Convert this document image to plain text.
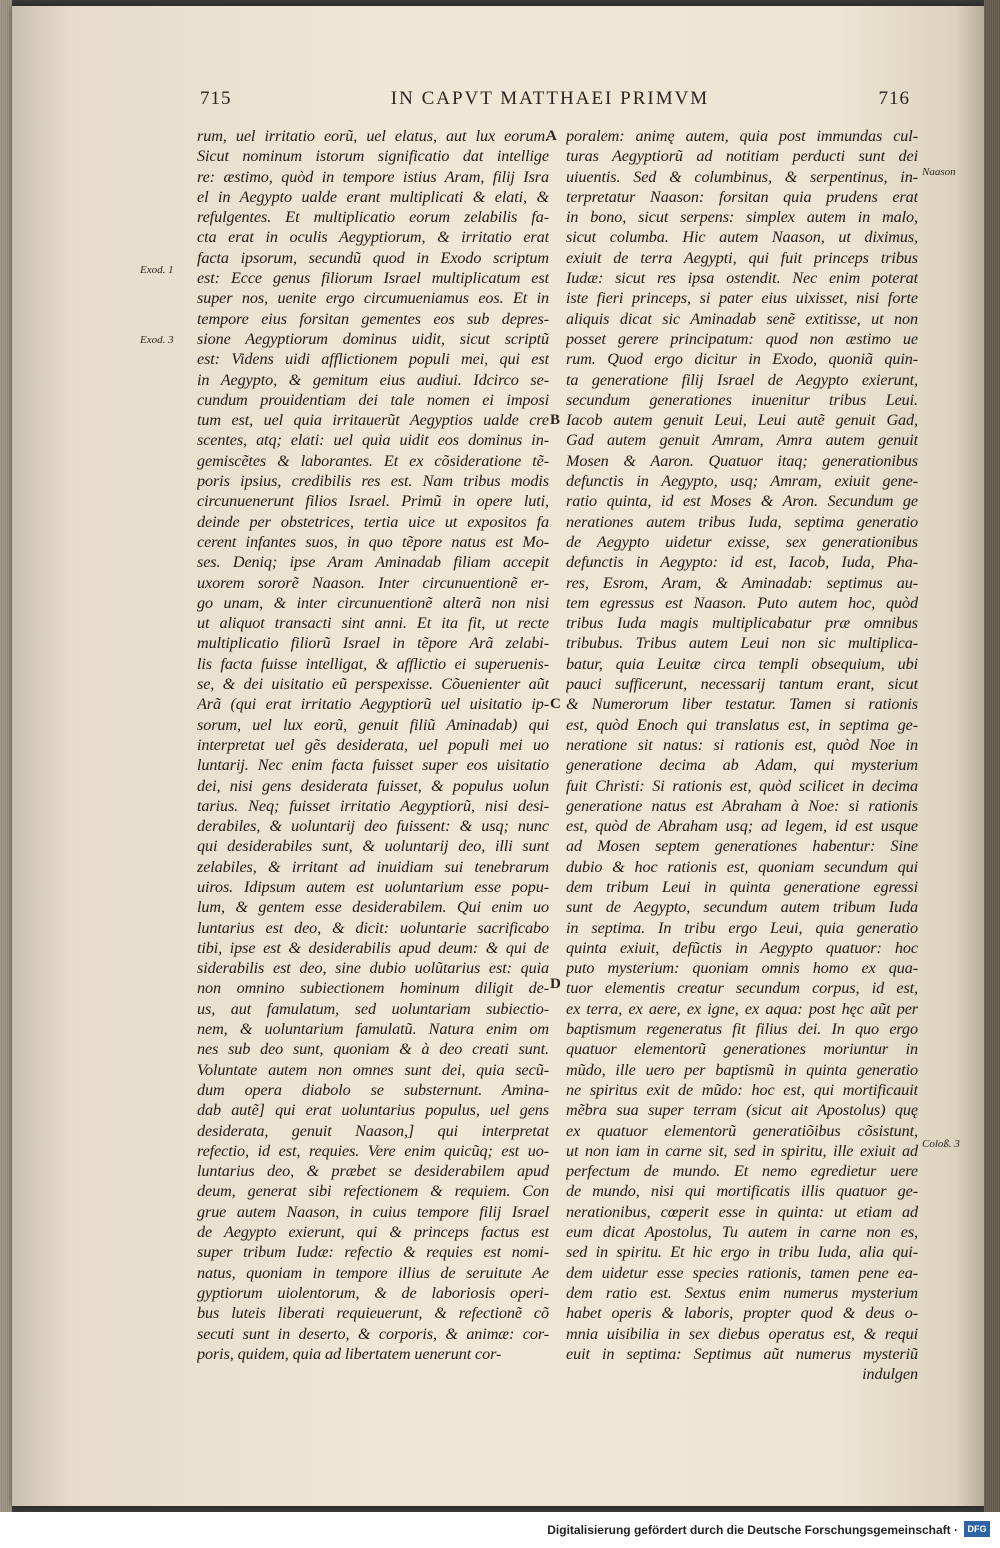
IN CAPVT MATTHAEI PRIMVM
715	716
Exod. 1
Exod. 3
Naason
Coloß. 3
A
B
C
D
rum, uel irritatio eorũ, uel elatus, aut lux eorum.
Sicut nominum istorum significatio dat intellige
re: æstimo, quòd in tempore istius Aram, filij Isra
el in Aegypto ualde erant multiplicati & elati, &
refulgentes. Et multiplicatio eorum zelabilis fa-
cta erat in oculis Aegyptiorum, & irritatio erat
facta ipsorum, secundũ quod in Exodo scriptum
est: Ecce genus filiorum Israel multiplicatum est
super nos, uenite ergo circumueniamus eos. Et in
tempore eius forsitan gementes eos sub depres-
sione Aegyptiorum dominus uidit, sicut scriptũ
est: Videns uidi afflictionem populi mei, qui est
in Aegypto, & gemitum eius audiui. Idcirco se-
cundum prouidentiam dei tale nomen ei imposi
tum est, uel quia irritauerũt Aegyptios ualde cre
scentes, atq; elati: uel quia uidit eos dominus in-
gemiscẽtes & laborantes. Et ex cõsideratione tẽ-
poris ipsius, credibilis res est. Nam tribus modis
circunuenerunt filios Israel. Primũ in opere luti,
deinde per obstetrices, tertia uice ut expositos fa
cerent infantes suos, in quo tẽpore natus est Mo-
ses. Deniq; ipse Aram Aminadab filiam accepit
uxorem sororẽ Naason. Inter circunuentionẽ er-
go unam, & inter circunuentionẽ alterã non nisi
ut aliquot transacti sint anni. Et ita fit, ut recte
multiplicatio filiorũ Israel in tẽpore Arã zelabi-
lis facta fuisse intelligat, & afflictio ei superuenis-
se, & dei uisitatio eũ perspexisse. Cõuenienter aũt
Arã (qui erat irritatio Aegyptiorũ uel uisitatio ip-
sorum, uel lux eorũ, genuit filiũ Aminadab) qui
interpretat uel gẽs desiderata, uel populi mei uo
luntarij. Nec enim facta fuisset super eos uisitatio
dei, nisi gens desiderata fuisset, & populus uolun
tarius. Neq; fuisset irritatio Aegyptiorũ, nisi desi-
derabiles, & uoluntarij deo fuissent: & usq; nunc
qui desiderabiles sunt, & uoluntarij deo, illi sunt
zelabiles, & irritant ad inuidiam sui tenebrarum
uiros. Idipsum autem est uoluntarium esse popu-
lum, & gentem esse desiderabilem. Qui enim uo
luntarius est deo, & dicit: uoluntarie sacrificabo
tibi, ipse est & desiderabilis apud deum: & qui de
siderabilis est deo, sine dubio uolũtarius est: quia
non omnino subiectionem hominum diligit de-
us, aut famulatum, sed uoluntariam subiectio-
nem, & uoluntarium famulatũ. Natura enim om
nes sub deo sunt, quoniam & à deo creati sunt.
Voluntate autem non omnes sunt dei, quia secũ-
dum opera diabolo se substernunt. Amina-
dab autẽ] qui erat uoluntarius populus, uel gens
desiderata, genuit Naason,] qui interpretat
refectio, id est, requies. Vere enim quicũq; est uo-
luntarius deo, & præbet se desiderabilem apud
deum, generat sibi refectionem & requiem. Con
grue autem Naason, in cuius tempore filij Israel
de Aegypto exierunt, qui & princeps factus est
super tribum Iudæ: refectio & requies est nomi-
natus, quoniam in tempore illius de seruitute Ae
gyptiorum uiolentorum, & de laboriosis operi-
bus luteis liberati requieuerunt, & refectionẽ cõ
secuti sunt in deserto, & corporis, & animæ: cor-
poris, quidem, quia ad libertatem uenerunt cor-
poralem: animę autem, quia post immundas cul-
turas Aegyptiorũ ad notitiam perducti sunt dei
uiuentis. Sed & columbinus, & serpentinus, in-
terpretatur Naason: forsitan quia prudens erat
in bono, sicut serpens: simplex autem in malo,
sicut columba. Hic autem Naason, ut diximus,
exiuit de terra Aegypti, qui fuit princeps tribus
Iudæ: sicut res ipsa ostendit. Nec enim poterat
iste fieri princeps, si pater eius uixisset, nisi forte
aliquis dicat sic Aminadab senẽ extitisse, ut non
posset gerere principatum: quod non æstimo ue
rum. Quod ergo dicitur in Exodo, quoniã quin-
ta generatione filij Israel de Aegypto exierunt,
secundum generationes inuenitur tribus Leui.
Iacob autem genuit Leui, Leui autẽ genuit Gad,
Gad autem genuit Amram, Amra autem genuit
Mosen & Aaron. Quatuor itaq; generationibus
defunctis in Aegypto, usq; Amram, exiuit gene-
ratio quinta, id est Moses & Aron. Secundum ge
nerationes autem tribus Iuda, septima generatio
de Aegypto uidetur exisse, sex generationibus
defunctis in Aegypto: id est, Iacob, Iuda, Pha-
res, Esrom, Aram, & Aminadab: septimus au-
tem egressus est Naason. Puto autem hoc, quòd
tribus Iuda magis multiplicabatur præ omnibus
tribubus. Tribus autem Leui non sic multiplica-
batur, quia Leuitæ circa templi obsequium, ubi
pauci sufficerunt, necessarij tantum erant, sicut
& Numerorum liber testatur. Tamen si rationis
est, quòd Enoch qui translatus est, in septima ge-
neratione sit natus: si rationis est, quòd Noe in
generatione decima ab Adam, qui mysterium
fuit Christi: Si rationis est, quòd scilicet in decima
generatione natus est Abraham à Noe: si rationis
est, quòd de Abraham usq; ad legem, id est usque
ad Mosen septem generationes habentur: Sine
dubio & hoc rationis est, quoniam secundum qui
dem tribum Leui in quinta generatione egressi
sunt de Aegypto, secundum autem tribum Iuda
in septima. In tribu ergo Leui, quia generatio
quinta exiuit, defũctis in Aegypto quatuor: hoc
puto mysterium: quoniam omnis homo ex qua-
tuor elementis creatur secundum corpus, id est,
ex terra, ex aere, ex igne, ex aqua: post hęc aũt per
baptismum regeneratus fit filius dei. In quo ergo
quatuor elementorũ generationes moriuntur in
mũdo, ille uero per baptismũ in quinta generatio
ne spiritus exit de mũdo: hoc est, qui mortificauit
mẽbra sua super terram (sicut ait Apostolus) quę
ex quatuor elementorũ generatiõibus cõsistunt,
ut non iam in carne sit, sed in spiritu, ille exiuit ad
perfectum de mundo. Et nemo egredietur uere
de mundo, nisi qui mortificatis illis quatuor ge-
nerationibus, cœperit esse in quinta: ut etiam ad
eum dicat Apostolus, Tu autem in carne non es,
sed in spiritu. Et hic ergo in tribu Iuda, alia qui-
dem uidetur esse species rationis, tamen pene ea-
dem ratio est. Sextus enim numerus mysterium
habet operis & laboris, propter quod & deus o-
mnia uisibilia in sex diebus operatus est, & requi
euit in septima: Septimus aũt numerus mysteriũ
indulgen
Digitalisierung gefördert durch die Deutsche Forschungsgemeinschaft ·	DFG
